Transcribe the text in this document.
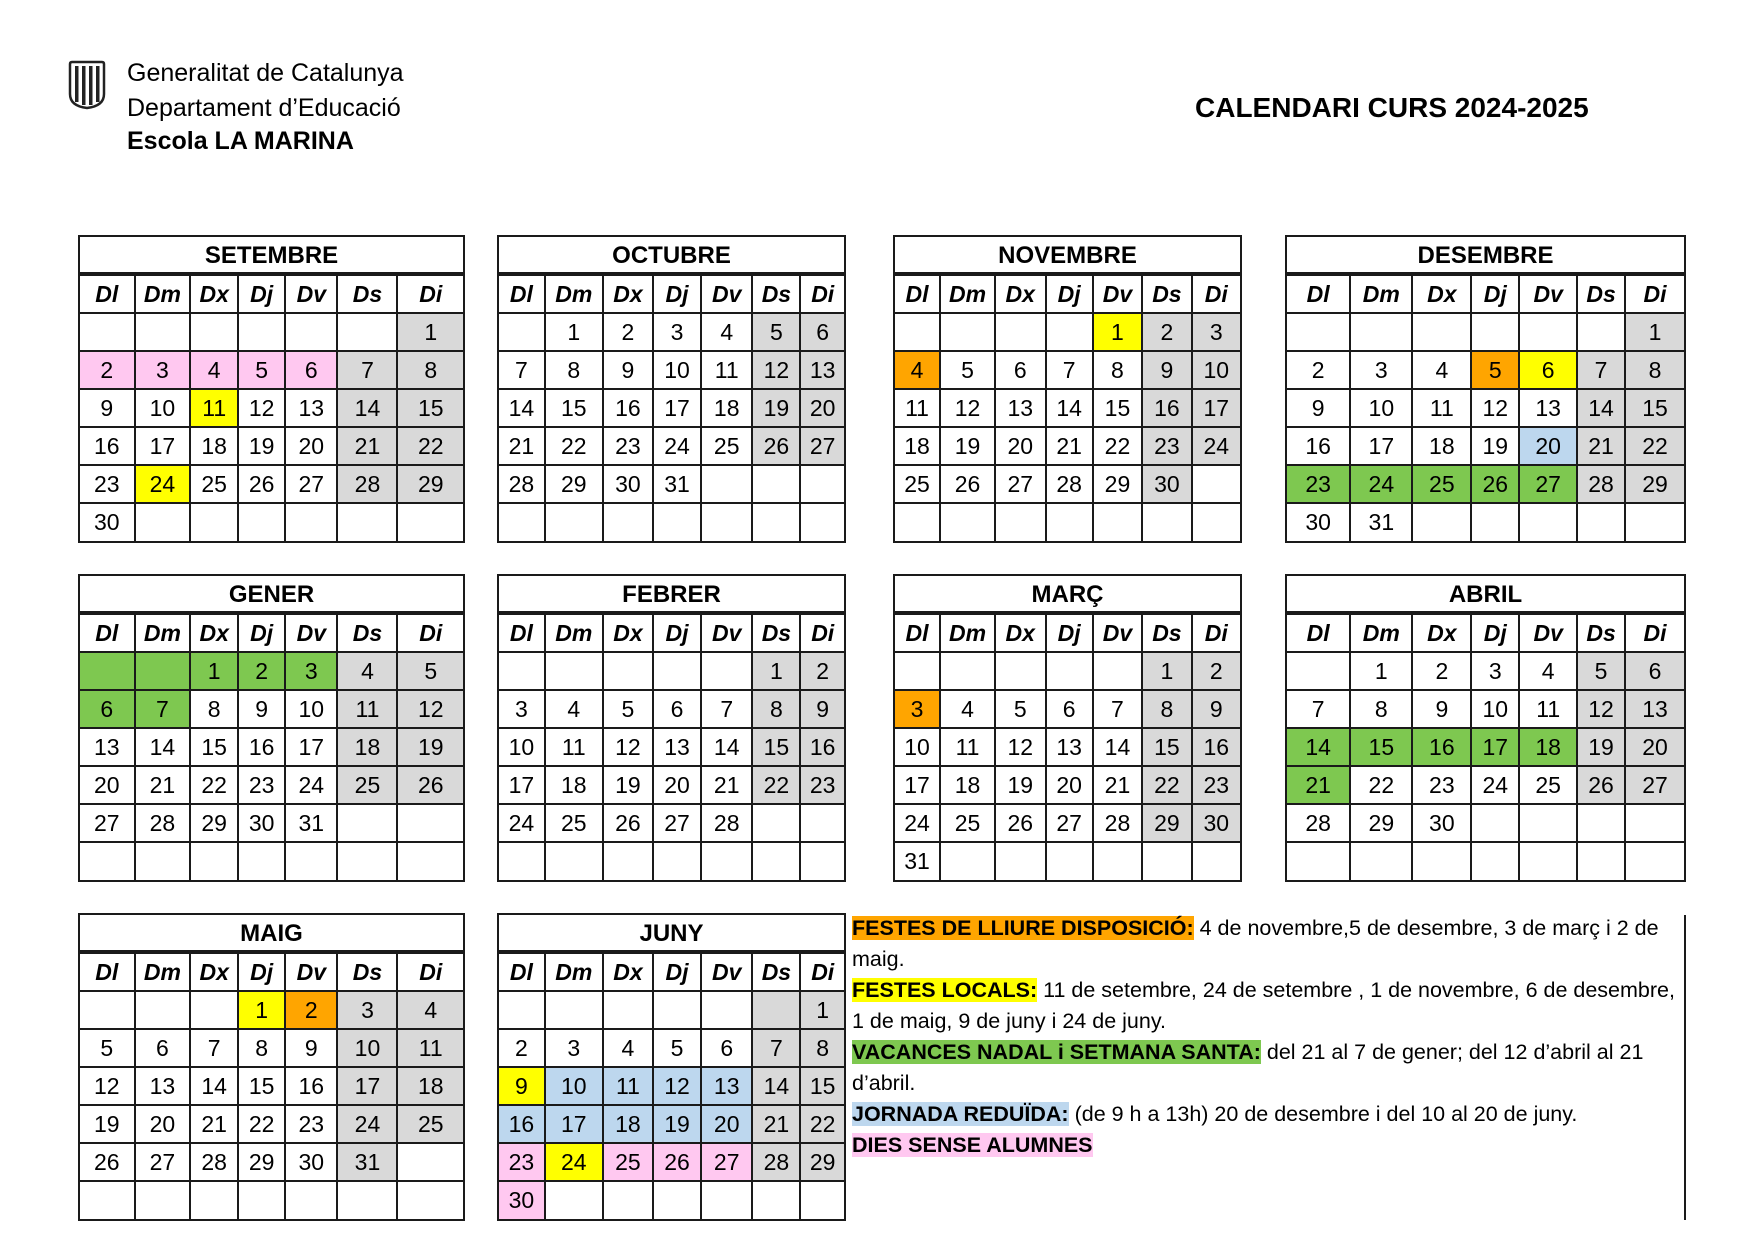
Generalitat de Catalunya
Departament d’Educació
Escola LA MARINA
CALENDARI CURS 2024-2025
SETEMBRE
Dl	Dm	Dx	Dj	Dv	Ds	Di
						1
2	3	4	5	6	7	8
9	10	11	12	13	14	15
16	17	18	19	20	21	22
23	24	25	26	27	28	29
30						
OCTUBRE
Dl	Dm	Dx	Dj	Dv	Ds	Di
	1	2	3	4	5	6
7	8	9	10	11	12	13
14	15	16	17	18	19	20
21	22	23	24	25	26	27
28	29	30	31			

NOVEMBRE
Dl	Dm	Dx	Dj	Dv	Ds	Di
				1	2	3
4	5	6	7	8	9	10
11	12	13	14	15	16	17
18	19	20	21	22	23	24
25	26	27	28	29	30	

DESEMBRE
Dl	Dm	Dx	Dj	Dv	Ds	Di
						1
2	3	4	5	6	7	8
9	10	11	12	13	14	15
16	17	18	19	20	21	22
23	24	25	26	27	28	29
30	31					
GENER
Dl	Dm	Dx	Dj	Dv	Ds	Di
		1	2	3	4	5
6	7	8	9	10	11	12
13	14	15	16	17	18	19
20	21	22	23	24	25	26
27	28	29	30	31		

FEBRER
Dl	Dm	Dx	Dj	Dv	Ds	Di
					1	2
3	4	5	6	7	8	9
10	11	12	13	14	15	16
17	18	19	20	21	22	23
24	25	26	27	28		

MARÇ
Dl	Dm	Dx	Dj	Dv	Ds	Di
					1	2
3	4	5	6	7	8	9
10	11	12	13	14	15	16
17	18	19	20	21	22	23
24	25	26	27	28	29	30
31						
ABRIL
Dl	Dm	Dx	Dj	Dv	Ds	Di
	1	2	3	4	5	6
7	8	9	10	11	12	13
14	15	16	17	18	19	20
21	22	23	24	25	26	27
28	29	30				

MAIG
Dl	Dm	Dx	Dj	Dv	Ds	Di
			1	2	3	4
5	6	7	8	9	10	11
12	13	14	15	16	17	18
19	20	21	22	23	24	25
26	27	28	29	30	31	

JUNY
Dl	Dm	Dx	Dj	Dv	Ds	Di
						1
2	3	4	5	6	7	8
9	10	11	12	13	14	15
16	17	18	19	20	21	22
23	24	25	26	27	28	29
30						

FESTES DE LLIURE DISPOSICIÓ: 4 de novembre,5 de desembre, 3 de març i 2 de maig.

FESTES LOCALS: 11 de setembre, 24 de setembre , 1 de novembre, 6 de desembre, 1 de maig, 9 de juny i 24 de juny.

VACANCES NADAL i SETMANA SANTA: del 21 al 7 de gener; del 12 d’abril al 21 d’abril.

JORNADA REDUÏDA: (de 9 h a 13h) 20 de desembre i del 10 al 20 de juny.

DIES SENSE ALUMNES
